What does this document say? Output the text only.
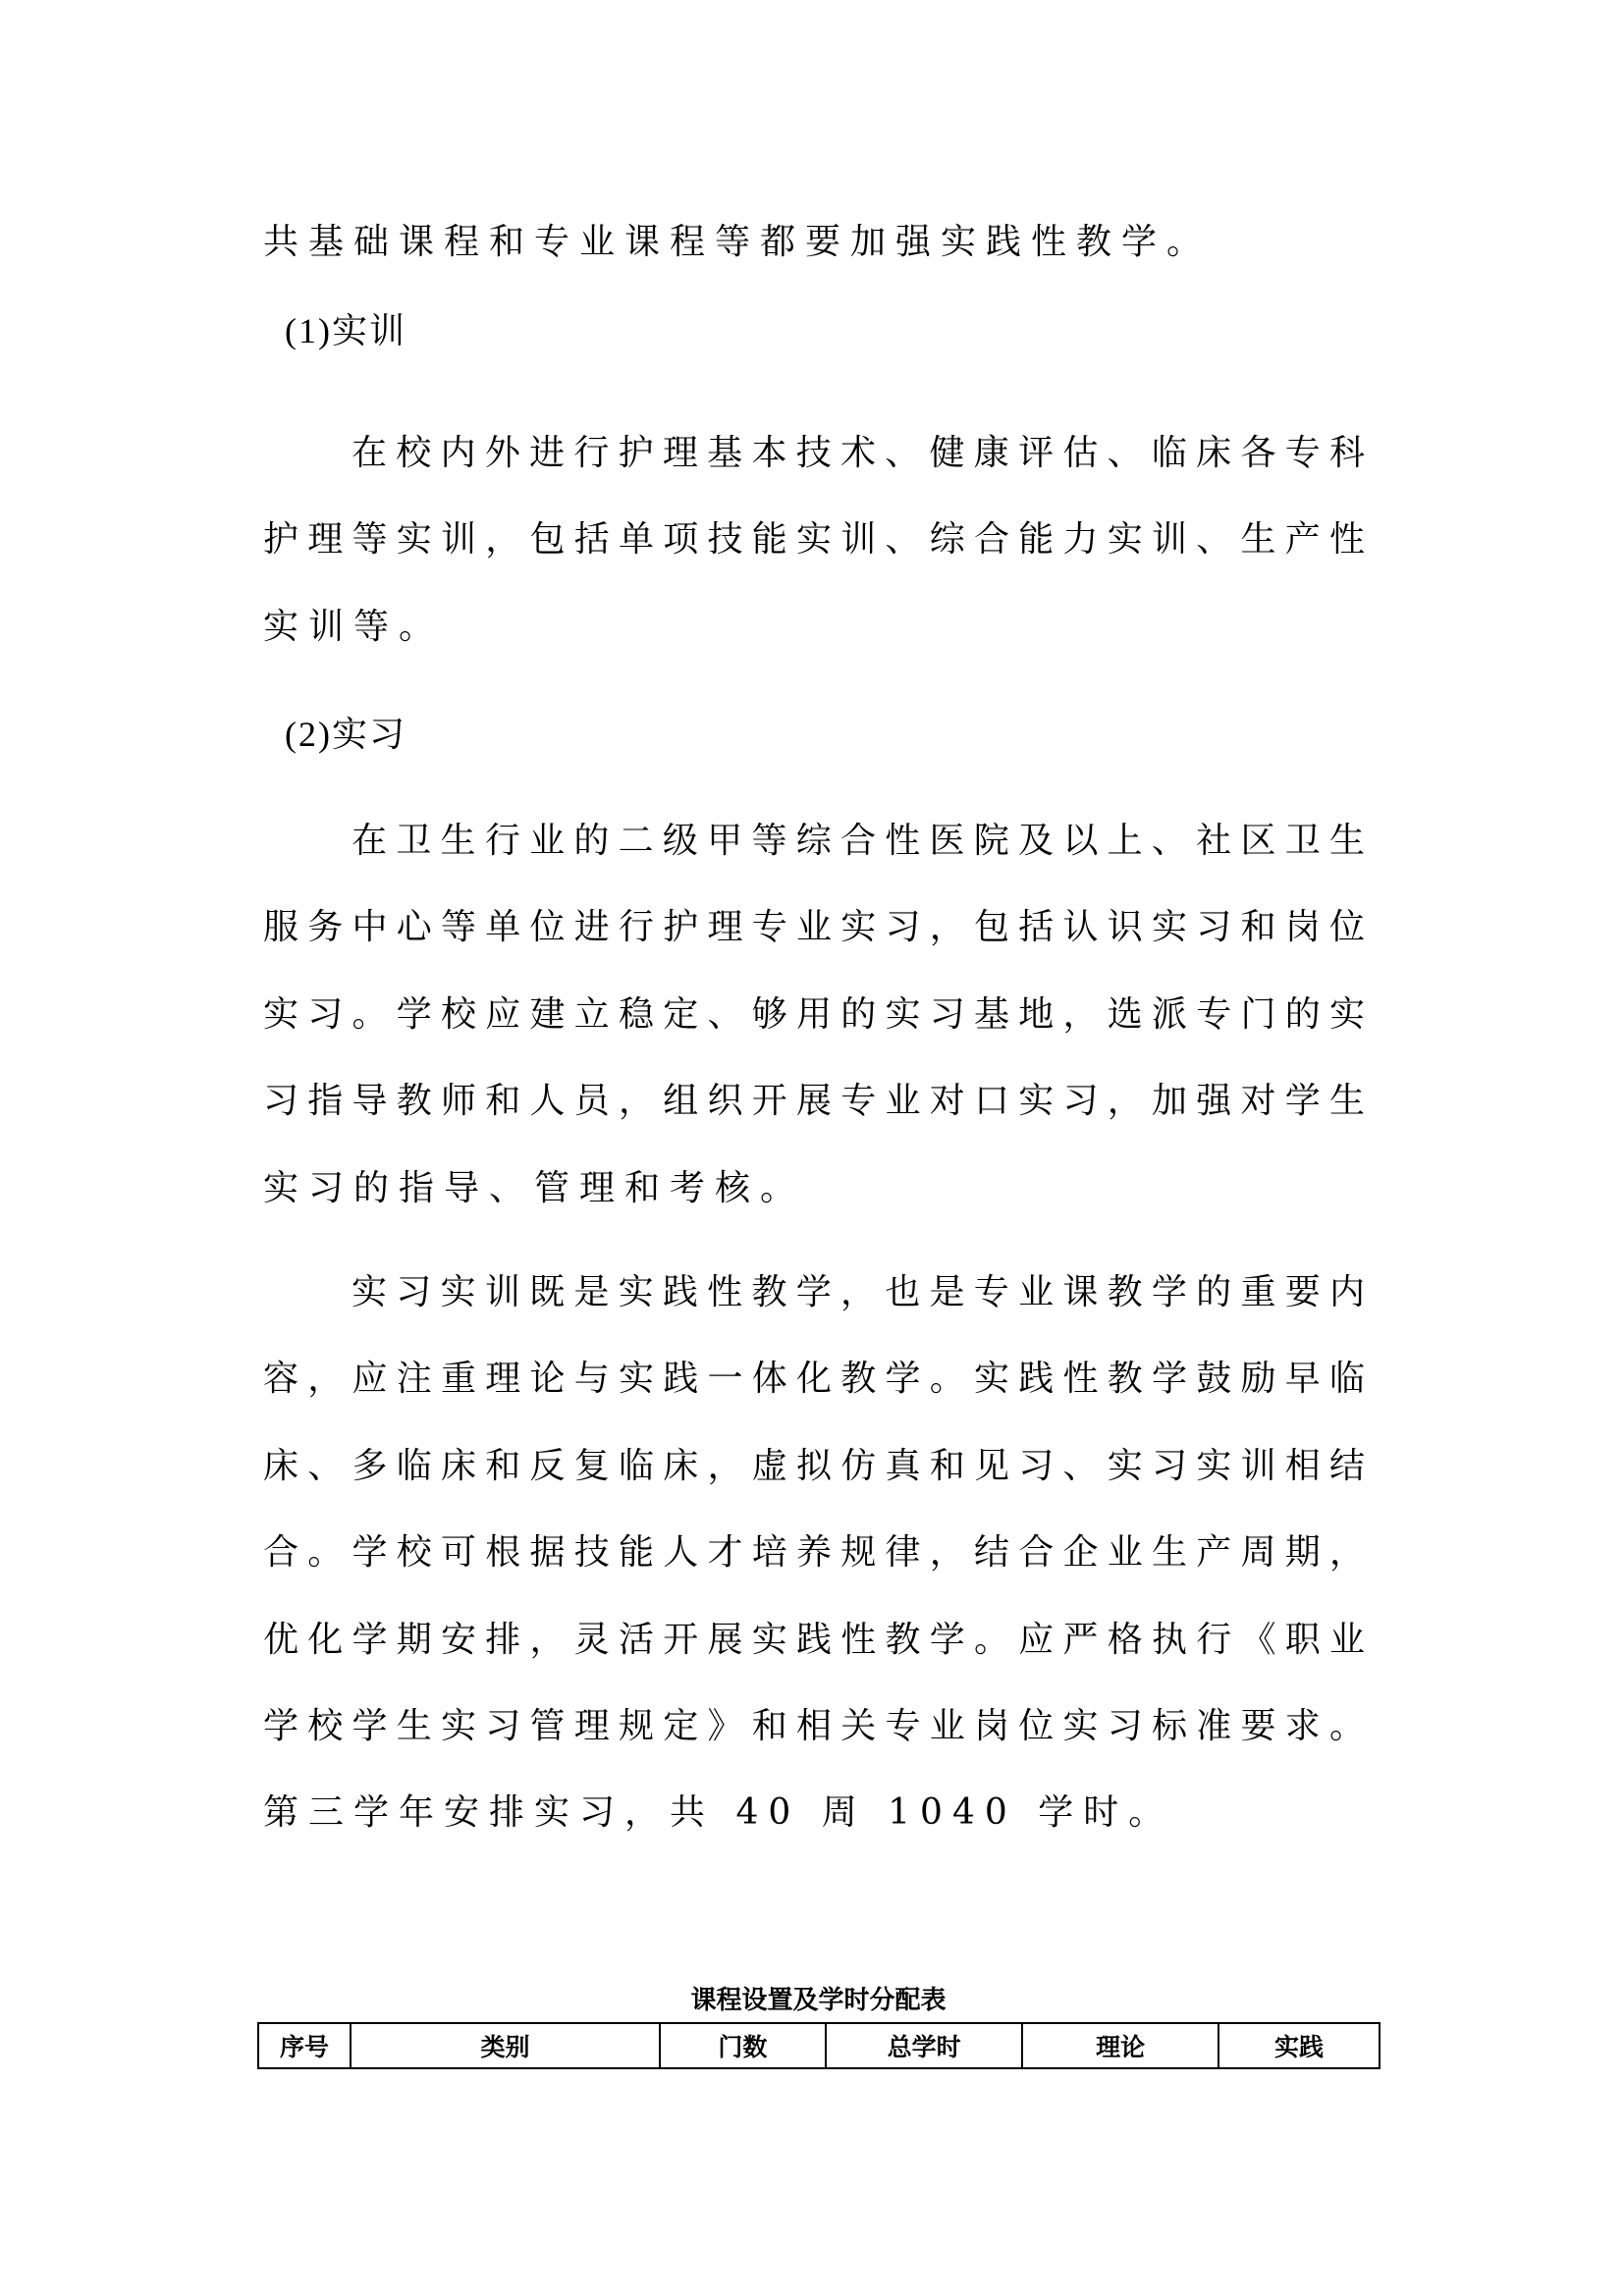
共基础课程和专业课程等都要加强实践性教学。
(1)实训
在校内外进行护理基本技术、健康评估、临床各专科
护理等实训，包括单项技能实训、综合能力实训、生产性
实训等。
(2)实习
在卫生行业的二级甲等综合性医院及以上、社区卫生
服务中心等单位进行护理专业实习，包括认识实习和岗位
实习。学校应建立稳定、够用的实习基地，选派专门的实
习指导教师和人员，组织开展专业对口实习，加强对学生
实习的指导、管理和考核。
实习实训既是实践性教学，也是专业课教学的重要内
容，应注重理论与实践一体化教学。实践性教学鼓励早临
床、多临床和反复临床，虚拟仿真和见习、实习实训相结
合。学校可根据技能人才培养规律，结合企业生产周期，
优化学期安排，灵活开展实践性教学。应严格执行《职业
学校学生实习管理规定》和相关专业岗位实习标准要求。
第三学年安排实习，共 40 周 1040 学时。
课程设置及学时分配表
序号	类别	门数	总学时	理论	实践
